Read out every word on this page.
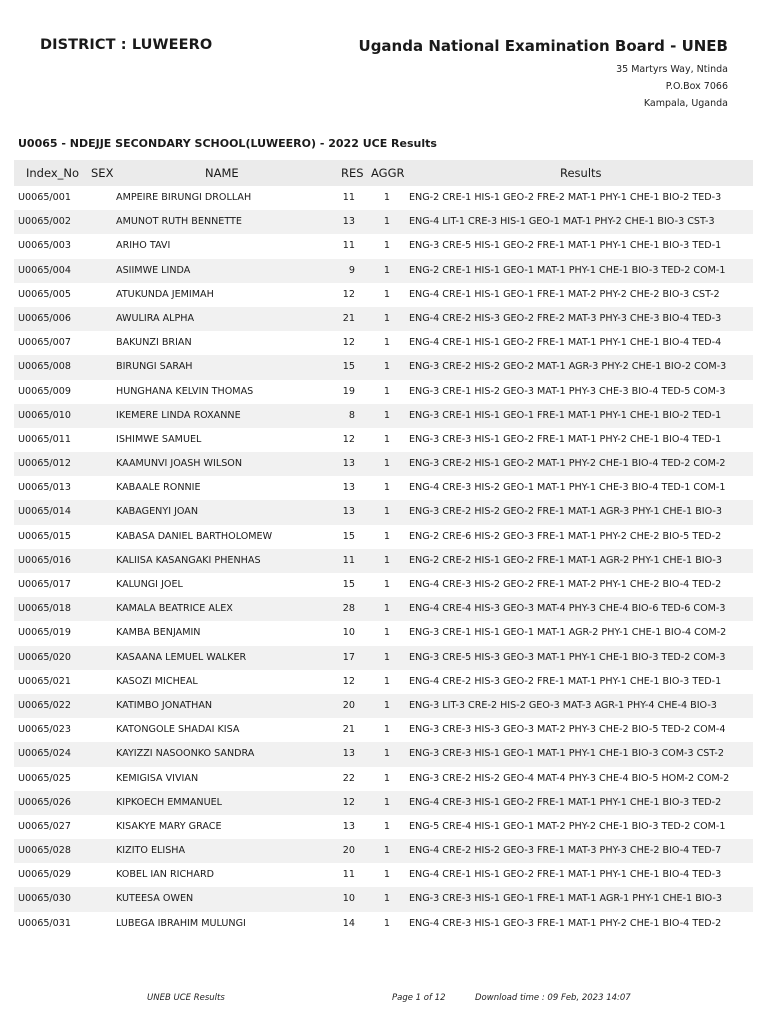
DISTRICT : LUWEERO	Uganda National Examination Board - UNEB
35 Martyrs Way, Ntinda
P.O.Box 7066
Kampala, Uganda
U0065 - NDEJJE SECONDARY SCHOOL(LUWEERO) - 2022 UCE Results
Index_No SEX	NAME	RES AGGR	Results
U0065/001	AMPEIRE BIRUNGI DROLLAH	11	1 ENG-2 CRE-1 HIS-1 GEO-2 FRE-2 MAT-1 PHY-1 CHE-1 BIO-2 TED-3
U0065/002	AMUNOT RUTH BENNETTE	13	1 ENG-4 LIT-1 CRE-3 HIS-1 GEO-1 MAT-1 PHY-2 CHE-1 BIO-3 CST-3
U0065/003	ARIHO TAVI	11	1 ENG-3 CRE-5 HIS-1 GEO-2 FRE-1 MAT-1 PHY-1 CHE-1 BIO-3 TED-1
U0065/004	ASIIMWE LINDA	9	1 ENG-2 CRE-1 HIS-1 GEO-1 MAT-1 PHY-1 CHE-1 BIO-3 TED-2 COM-1
U0065/005	ATUKUNDA JEMIMAH	12	1 ENG-4 CRE-1 HIS-1 GEO-1 FRE-1 MAT-2 PHY-2 CHE-2 BIO-3 CST-2
U0065/006	AWULIRA ALPHA	21	1 ENG-4 CRE-2 HIS-3 GEO-2 FRE-2 MAT-3 PHY-3 CHE-3 BIO-4 TED-3
U0065/007	BAKUNZI BRIAN	12	1 ENG-4 CRE-1 HIS-1 GEO-2 FRE-1 MAT-1 PHY-1 CHE-1 BIO-4 TED-4
U0065/008	BIRUNGI SARAH	15	1 ENG-3 CRE-2 HIS-2 GEO-2 MAT-1 AGR-3 PHY-2 CHE-1 BIO-2 COM-3
U0065/009	HUNGHANA KELVIN THOMAS	19	1 ENG-3 CRE-1 HIS-2 GEO-3 MAT-1 PHY-3 CHE-3 BIO-4 TED-5 COM-3
U0065/010	IKEMERE LINDA ROXANNE	8	1 ENG-3 CRE-1 HIS-1 GEO-1 FRE-1 MAT-1 PHY-1 CHE-1 BIO-2 TED-1
U0065/011	ISHIMWE SAMUEL	12	1 ENG-3 CRE-3 HIS-1 GEO-2 FRE-1 MAT-1 PHY-2 CHE-1 BIO-4 TED-1
U0065/012	KAAMUNVI JOASH WILSON	13	1 ENG-3 CRE-2 HIS-1 GEO-2 MAT-1 PHY-2 CHE-1 BIO-4 TED-2 COM-2
U0065/013	KABAALE RONNIE	13	1 ENG-4 CRE-3 HIS-2 GEO-1 MAT-1 PHY-1 CHE-3 BIO-4 TED-1 COM-1
U0065/014	KABAGENYI JOAN	13	1 ENG-3 CRE-2 HIS-2 GEO-2 FRE-1 MAT-1 AGR-3 PHY-1 CHE-1 BIO-3
U0065/015	KABASA DANIEL BARTHOLOMEW	15	1 ENG-2 CRE-6 HIS-2 GEO-3 FRE-1 MAT-1 PHY-2 CHE-2 BIO-5 TED-2
U0065/016	KALIISA KASANGAKI PHENHAS	11	1 ENG-2 CRE-2 HIS-1 GEO-2 FRE-1 MAT-1 AGR-2 PHY-1 CHE-1 BIO-3
U0065/017	KALUNGI JOEL	15	1 ENG-4 CRE-3 HIS-2 GEO-2 FRE-1 MAT-2 PHY-1 CHE-2 BIO-4 TED-2
U0065/018	KAMALA BEATRICE ALEX	28	1 ENG-4 CRE-4 HIS-3 GEO-3 MAT-4 PHY-3 CHE-4 BIO-6 TED-6 COM-3
U0065/019	KAMBA BENJAMIN	10	1 ENG-3 CRE-1 HIS-1 GEO-1 MAT-1 AGR-2 PHY-1 CHE-1 BIO-4 COM-2
U0065/020	KASAANA LEMUEL WALKER	17	1 ENG-3 CRE-5 HIS-3 GEO-3 MAT-1 PHY-1 CHE-1 BIO-3 TED-2 COM-3
U0065/021	KASOZI MICHEAL	12	1 ENG-4 CRE-2 HIS-3 GEO-2 FRE-1 MAT-1 PHY-1 CHE-1 BIO-3 TED-1
U0065/022	KATIMBO JONATHAN	20	1 ENG-3 LIT-3 CRE-2 HIS-2 GEO-3 MAT-3 AGR-1 PHY-4 CHE-4 BIO-3
U0065/023	KATONGOLE SHADAI KISA	21	1 ENG-3 CRE-3 HIS-3 GEO-3 MAT-2 PHY-3 CHE-2 BIO-5 TED-2 COM-4
U0065/024	KAYIZZI NASOONKO SANDRA	13	1 ENG-3 CRE-3 HIS-1 GEO-1 MAT-1 PHY-1 CHE-1 BIO-3 COM-3 CST-2
U0065/025	KEMIGISA VIVIAN	22	1 ENG-3 CRE-2 HIS-2 GEO-4 MAT-4 PHY-3 CHE-4 BIO-5 HOM-2 COM-2
U0065/026	KIPKOECH EMMANUEL	12	1 ENG-4 CRE-3 HIS-1 GEO-2 FRE-1 MAT-1 PHY-1 CHE-1 BIO-3 TED-2
U0065/027	KISAKYE MARY GRACE	13	1 ENG-5 CRE-4 HIS-1 GEO-1 MAT-2 PHY-2 CHE-1 BIO-3 TED-2 COM-1
U0065/028	KIZITO ELISHA	20	1 ENG-4 CRE-2 HIS-2 GEO-3 FRE-1 MAT-3 PHY-3 CHE-2 BIO-4 TED-7
U0065/029	KOBEL IAN RICHARD	11	1 ENG-4 CRE-1 HIS-1 GEO-2 FRE-1 MAT-1 PHY-1 CHE-1 BIO-4 TED-3
U0065/030	KUTEESA OWEN	10	1 ENG-3 CRE-3 HIS-1 GEO-1 FRE-1 MAT-1 AGR-1 PHY-1 CHE-1 BIO-3
U0065/031	LUBEGA IBRAHIM MULUNGI	14	1 ENG-4 CRE-3 HIS-1 GEO-3 FRE-1 MAT-1 PHY-2 CHE-1 BIO-4 TED-2
UNEB UCE Results	Page 1 of 12	Download time : 09 Feb, 2023 14:07
